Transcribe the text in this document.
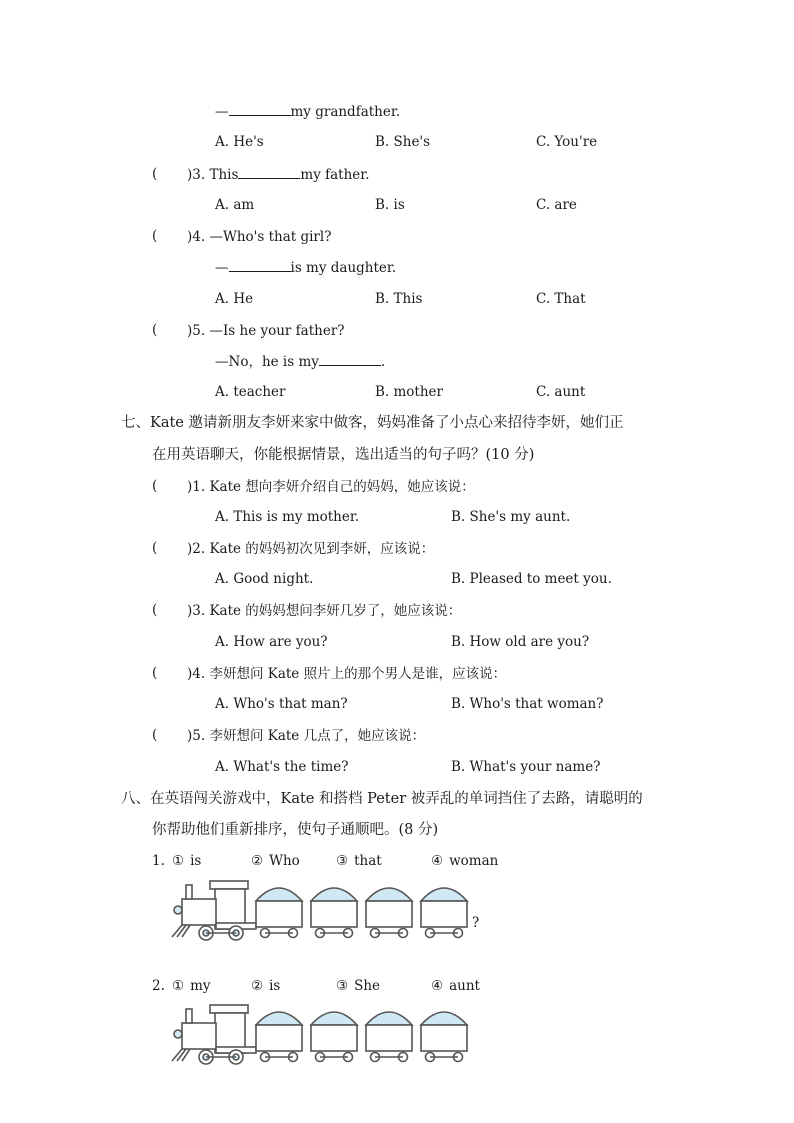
—	my grandfather.
A. He's	B. She's	C. You're
( )3. This	my father.
A. am	B. is	C. are
( )4. —Who's that girl?
—	is my daughter.
A. He	B. This	C. That
( )5. —Is he your father?
—No，he is my	.
A. teacher	B. mother	C. aunt
七、Kate 邀请新朋友李妍来家中做客，妈妈准备了小点心来招待李妍，她们正
在用英语聊天，你能根据情景，选出适当的句子吗？(10 分)
( )1. Kate 想向李妍介绍自己的妈妈，她应该说：
A. This is my mother.	B. She's my aunt.
( )2. Kate 的妈妈初次见到李妍，应该说：
A. Good night.	B. Pleased to meet you.
( )3. Kate 的妈妈想问李妍几岁了，她应该说：
A. How are you?	B. How old are you?
( )4. 李妍想问 Kate 照片上的那个男人是谁，应该说：
A. Who's that man?	B. Who's that woman?
( )5. 李妍想问 Kate 几点了，她应该说：
A. What's the time?	B. What's your name?
八、在英语闯关游戏中，Kate 和搭档 Peter 被弄乱的单词挡住了去路，请聪明的
你帮助他们重新排序，使句子通顺吧。(8 分)
1. ① is	② Who	③ that	④ woman
?
2. ① my	② is	③ She	④ aunt
